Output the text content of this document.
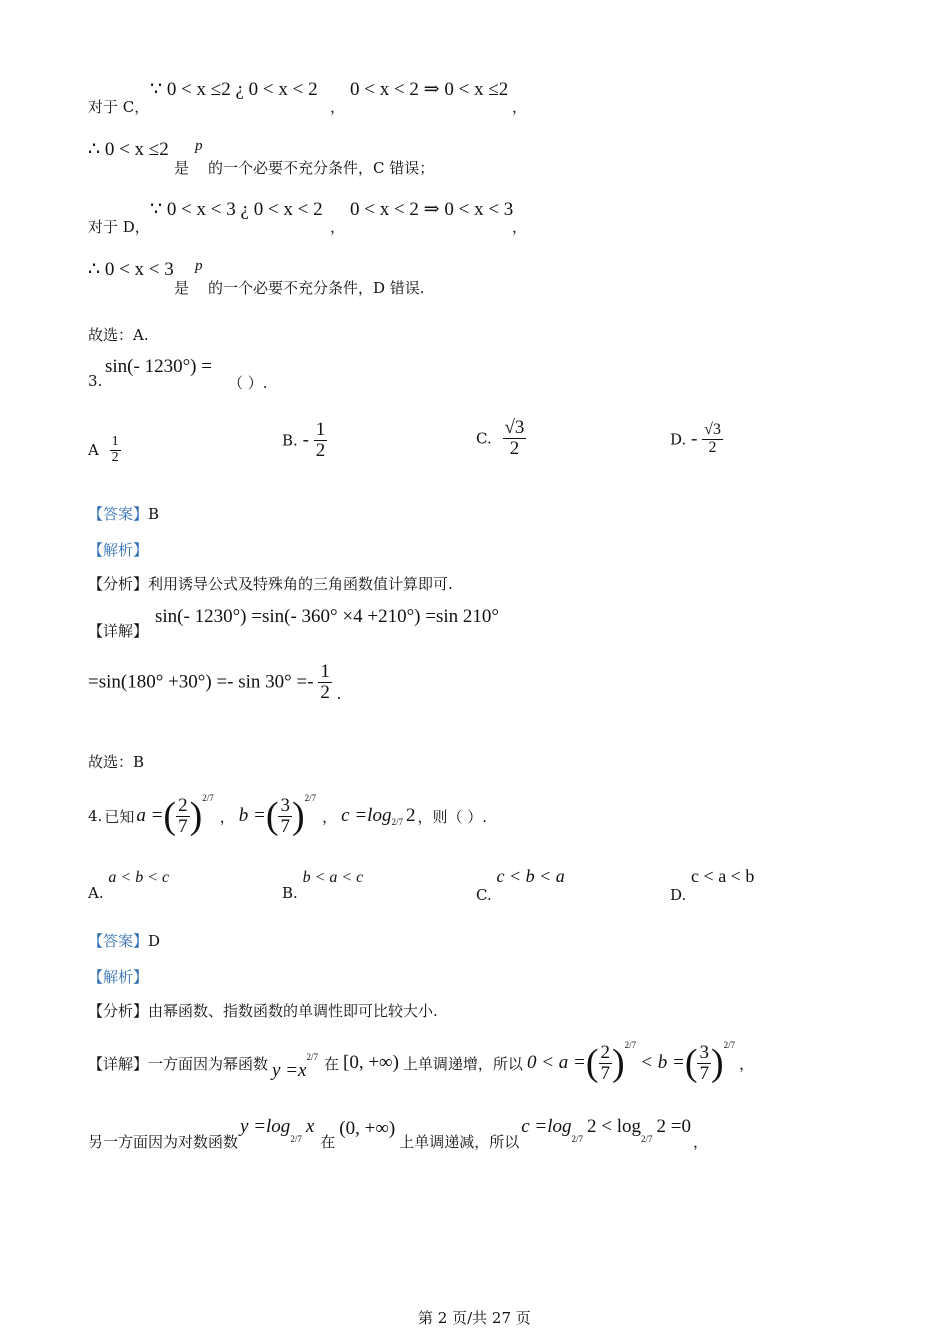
对于 C，
∵ 0 < x ≤2 ¿ 0 < x < 2
，
0 < x < 2 ⇒ 0 < x ≤2
，
∴ 0 < x ≤2
是
p
的一个必要不充分条件，C 错误；
对于 D，
∵ 0 < x < 3 ¿ 0 < x < 2
，
0 < x < 2 ⇒ 0 < x < 3
，
∴ 0 < x < 3
是
p
的一个必要不充分条件，D 错误.
故选：A.
3.
sin(- 1230°) =
（ ）.
A $\frac{1}{2}$	B. - $\frac{1}{2}$	C. $\frac{√3}{2}$	D. - $\frac{√3}{2}$
【答案】B
【解析】
【分析】利用诱导公式及特殊角的三角函数值计算即可.
【详解】
sin(- 1230°) =sin(- 360° ×4 +210°) =sin 210°
$=\sin(180^\circ +30^\circ) =- \sin 30^\circ =- \frac{1}{2}$ .
故选：B
4. 已知 a = ( $\frac{2}{7}$ ) 2/7
， b = ( $\frac{3}{7}$ ) 2/7
， c =log 2/7 2 ，则（ ）.
A. a < b < c
B. b < a < c
C. c < b < a
D. c < a < b
【答案】D
【解析】
【分析】由幂函数、指数函数的单调性即可比较大小.
【详解】 一方面因为幂函数 y =x
2/7 在 [0, +∞) 上单调递增，所以 0 < a = ( $\frac{2}{7}$ ) 2/7
< b = ( $\frac{3}{7}$ ) 2/7
，
另一方面因为对数函数
y =log
2/7
x
在
(0, +∞)
上单调递减，所以
c =log
2/7
2 < log
2/7
2 =0
，
第 2 页/共 27 页
